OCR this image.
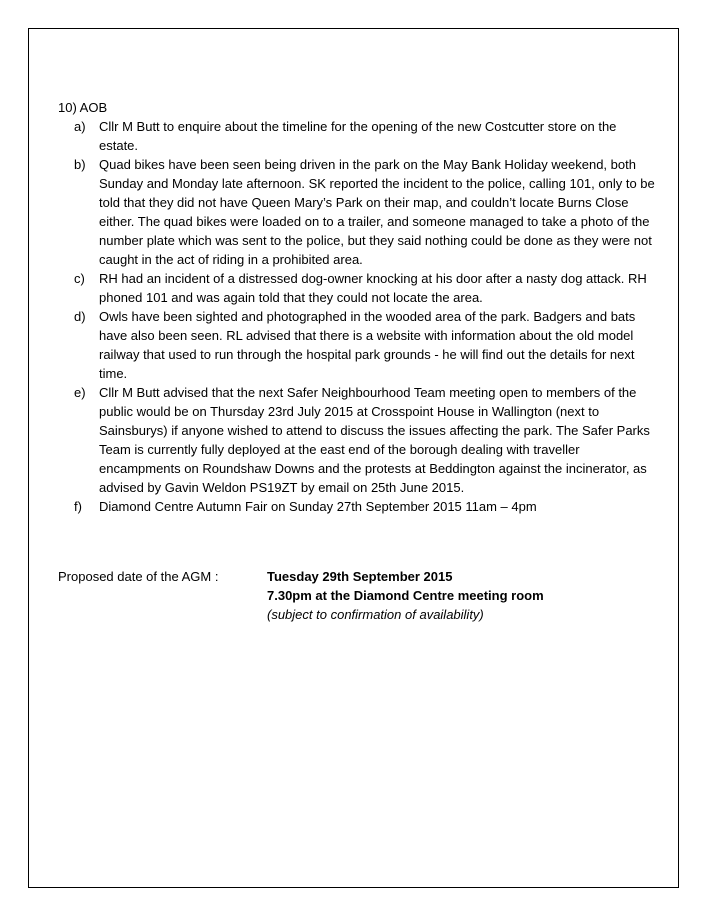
10) AOB
a) Cllr M Butt to enquire about the timeline for the opening of the new Costcutter store on the estate.
b) Quad bikes have been seen being driven in the park on the May Bank Holiday weekend, both Sunday and Monday late afternoon. SK reported the incident to the police, calling 101, only to be told that they did not have Queen Mary’s Park on their map, and couldn’t locate Burns Close either. The quad bikes were loaded on to a trailer, and someone managed to take a photo of the number plate which was sent to the police, but they said nothing could be done as they were not caught in the act of riding in a prohibited area.
c) RH had an incident of a distressed dog-owner knocking at his door after a nasty dog attack. RH phoned 101 and was again told that they could not locate the area.
d) Owls have been sighted and photographed in the wooded area of the park. Badgers and bats have also been seen. RL advised that there is a website with information about the old model railway that used to run through the hospital park grounds - he will find out the details for next time.
e) Cllr M Butt advised that the next Safer Neighbourhood Team meeting open to members of the public would be on Thursday 23rd July 2015 at Crosspoint House in Wallington (next to Sainsburys) if anyone wished to attend to discuss the issues affecting the park. The Safer Parks Team is currently fully deployed at the east end of the borough dealing with traveller encampments on Roundshaw Downs and the protests at Beddington against the incinerator, as advised by Gavin Weldon PS19ZT by email on 25th June 2015.
f) Diamond Centre Autumn Fair on Sunday 27th September 2015 11am – 4pm
Proposed date of the AGM :	Tuesday 29th September 2015
7.30pm at the Diamond Centre meeting room
(subject to confirmation of availability)
